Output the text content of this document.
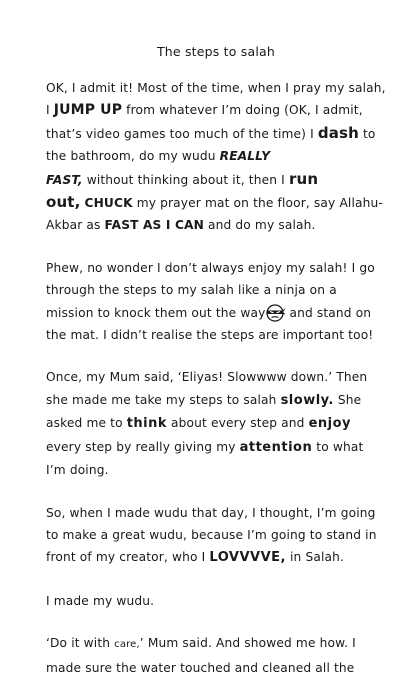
The steps to salah

OK, I admit it! Most of the time, when I pray my salah, I JUMP UP from whatever I’m doing (OK, I admit, that’s video games too much of the time) I dash to the bathroom, do my wudu REALLY
FAST, without thinking about it, then I run
out, CHUCK my prayer mat on the floor, say Allahu-Akbar as FAST AS I CAN and do my salah.

Phew, no wonder I don’t always enjoy my salah! I go through the steps to my salah like a ninja on a mission to knock them out the way and stand on the mat. I didn’t realise the steps are important too!

Once, my Mum said, ‘Eliyas! Slowwww down.’ Then she made me take my steps to salah slowly. She asked me to think about every step and enjoy every step by really giving my attention to what I’m doing.

So, when I made wudu that day, I thought, I’m going to make a great wudu, because I’m going to stand in front of my creator, who I LOVVVVE, in Salah.

I made my wudu.

‘Do it with care,’ Mum said. And showed me how. I made sure the water touched and cleaned all the
